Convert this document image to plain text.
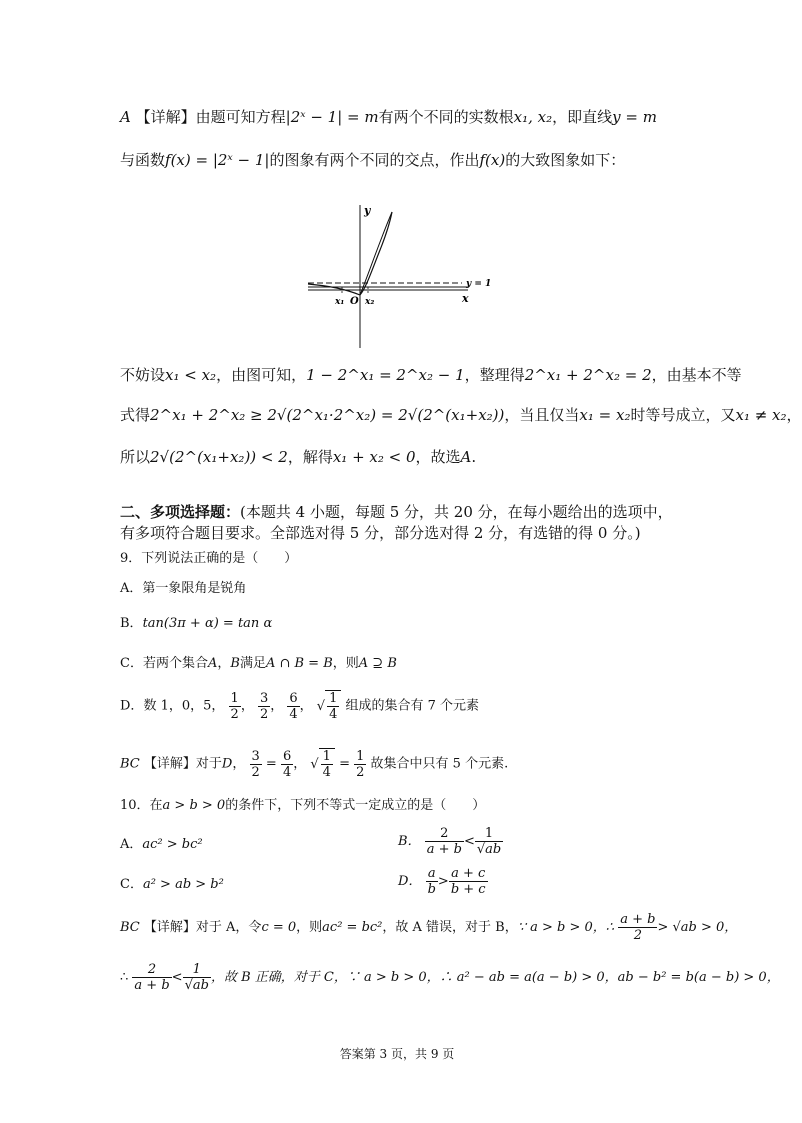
A 【详解】由题可知方程|2ˣ − 1| = m有两个不同的实数根x₁, x₂，即直线y = m
与函数f(x) = |2ˣ − 1|的图象有两个不同的交点，作出f(x)的大致图象如下：
y
x
y = 1
O
x₁ x₂
不妨设x₁ < x₂，由图可知，1 − 2^x₁ = 2^x₂ − 1，整理得2^x₁ + 2^x₂ = 2，由基本不等
式得2^x₁ + 2^x₂ ≥ 2√(2^x₁·2^x₂) = 2√(2^(x₁+x₂))，当且仅当x₁ = x₂时等号成立，又x₁ ≠ x₂，
所以2√(2^(x₁+x₂)) < 2，解得x₁ + x₂ < 0，故选A.
二、多项选择题：(本题共 4 小题，每题 5 分，共 20 分，在每小题给出的选项中，
有多项符合题目要求。全部选对得 5 分，部分选对得 2 分，有选错的得 0 分。)
9．下列说法正确的是（　　）
A．第一象限角是锐角
B．tan(3π + α) = tan α
C．若两个集合A，B满足A ∩ B = B，则A ⊇ B
D．数 1，0，5， $\frac{1}{2}$ ， $\frac{3}{2}$ ， $\frac{6}{4}$ ， √ $\frac{1}{4}$ 组成的集合有 7 个元素
BC 【详解】对于D， $\frac{3}{2} = \frac{6}{4}$ ， √ $\frac{1}{4} = \frac{1}{2}$ 故集合中只有 5 个元素.
10．在a > b > 0的条件下，下列不等式一定成立的是（　　）
A．ac² > bc²	B． $\frac{2}{a + b} < \frac{1}{√ab}$
C．a² > ab > b²	D． $\frac{a}{b} > \frac{a + c}{b + c}$
BC 【详解】对于 A，令c = 0，则ac² = bc²，故 A 错误，对于 B，∵ a > b > 0，∴ $\frac{a + b}{2} > √ab > 0$，
∴ $\frac{2}{a + b} < \frac{1}{√ab}$ ，故 B 正确，对于 C，∵ a > b > 0，∴ a² − ab = a(a − b) > 0，ab − b² = b(a − b) > 0，
答案第 3 页，共 9 页
